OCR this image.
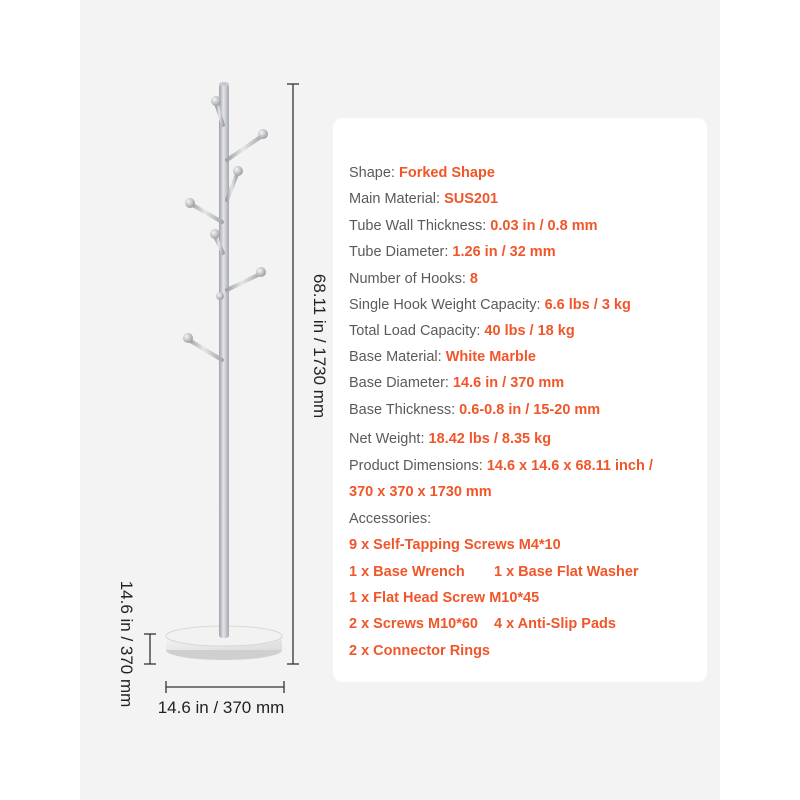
68.11 in / 1730 mm
14.6 in / 370 mm
14.6 in / 370 mm
Shape: Forked Shape
Main Material: SUS201
Tube Wall Thickness: 0.03 in / 0.8 mm
Tube Diameter: 1.26 in / 32 mm
Number of Hooks: 8
Single Hook Weight Capacity: 6.6 lbs / 3 kg
Total Load Capacity: 40 lbs / 18 kg
Base Material: White Marble
Base Diameter: 14.6 in / 370 mm
Base Thickness: 0.6-0.8 in / 15-20 mm
Net Weight: 18.42 lbs / 8.35 kg
Product Dimensions: 14.6 x 14.6 x 68.11 inch /
370 x 370 x 1730 mm
Accessories:
9 x Self-Tapping Screws M4*10
1 x Base Wrench 1 x Base Flat Washer
1 x Flat Head Screw M10*45
2 x Screws M10*60 4 x Anti-Slip Pads
2 x Connector Rings
